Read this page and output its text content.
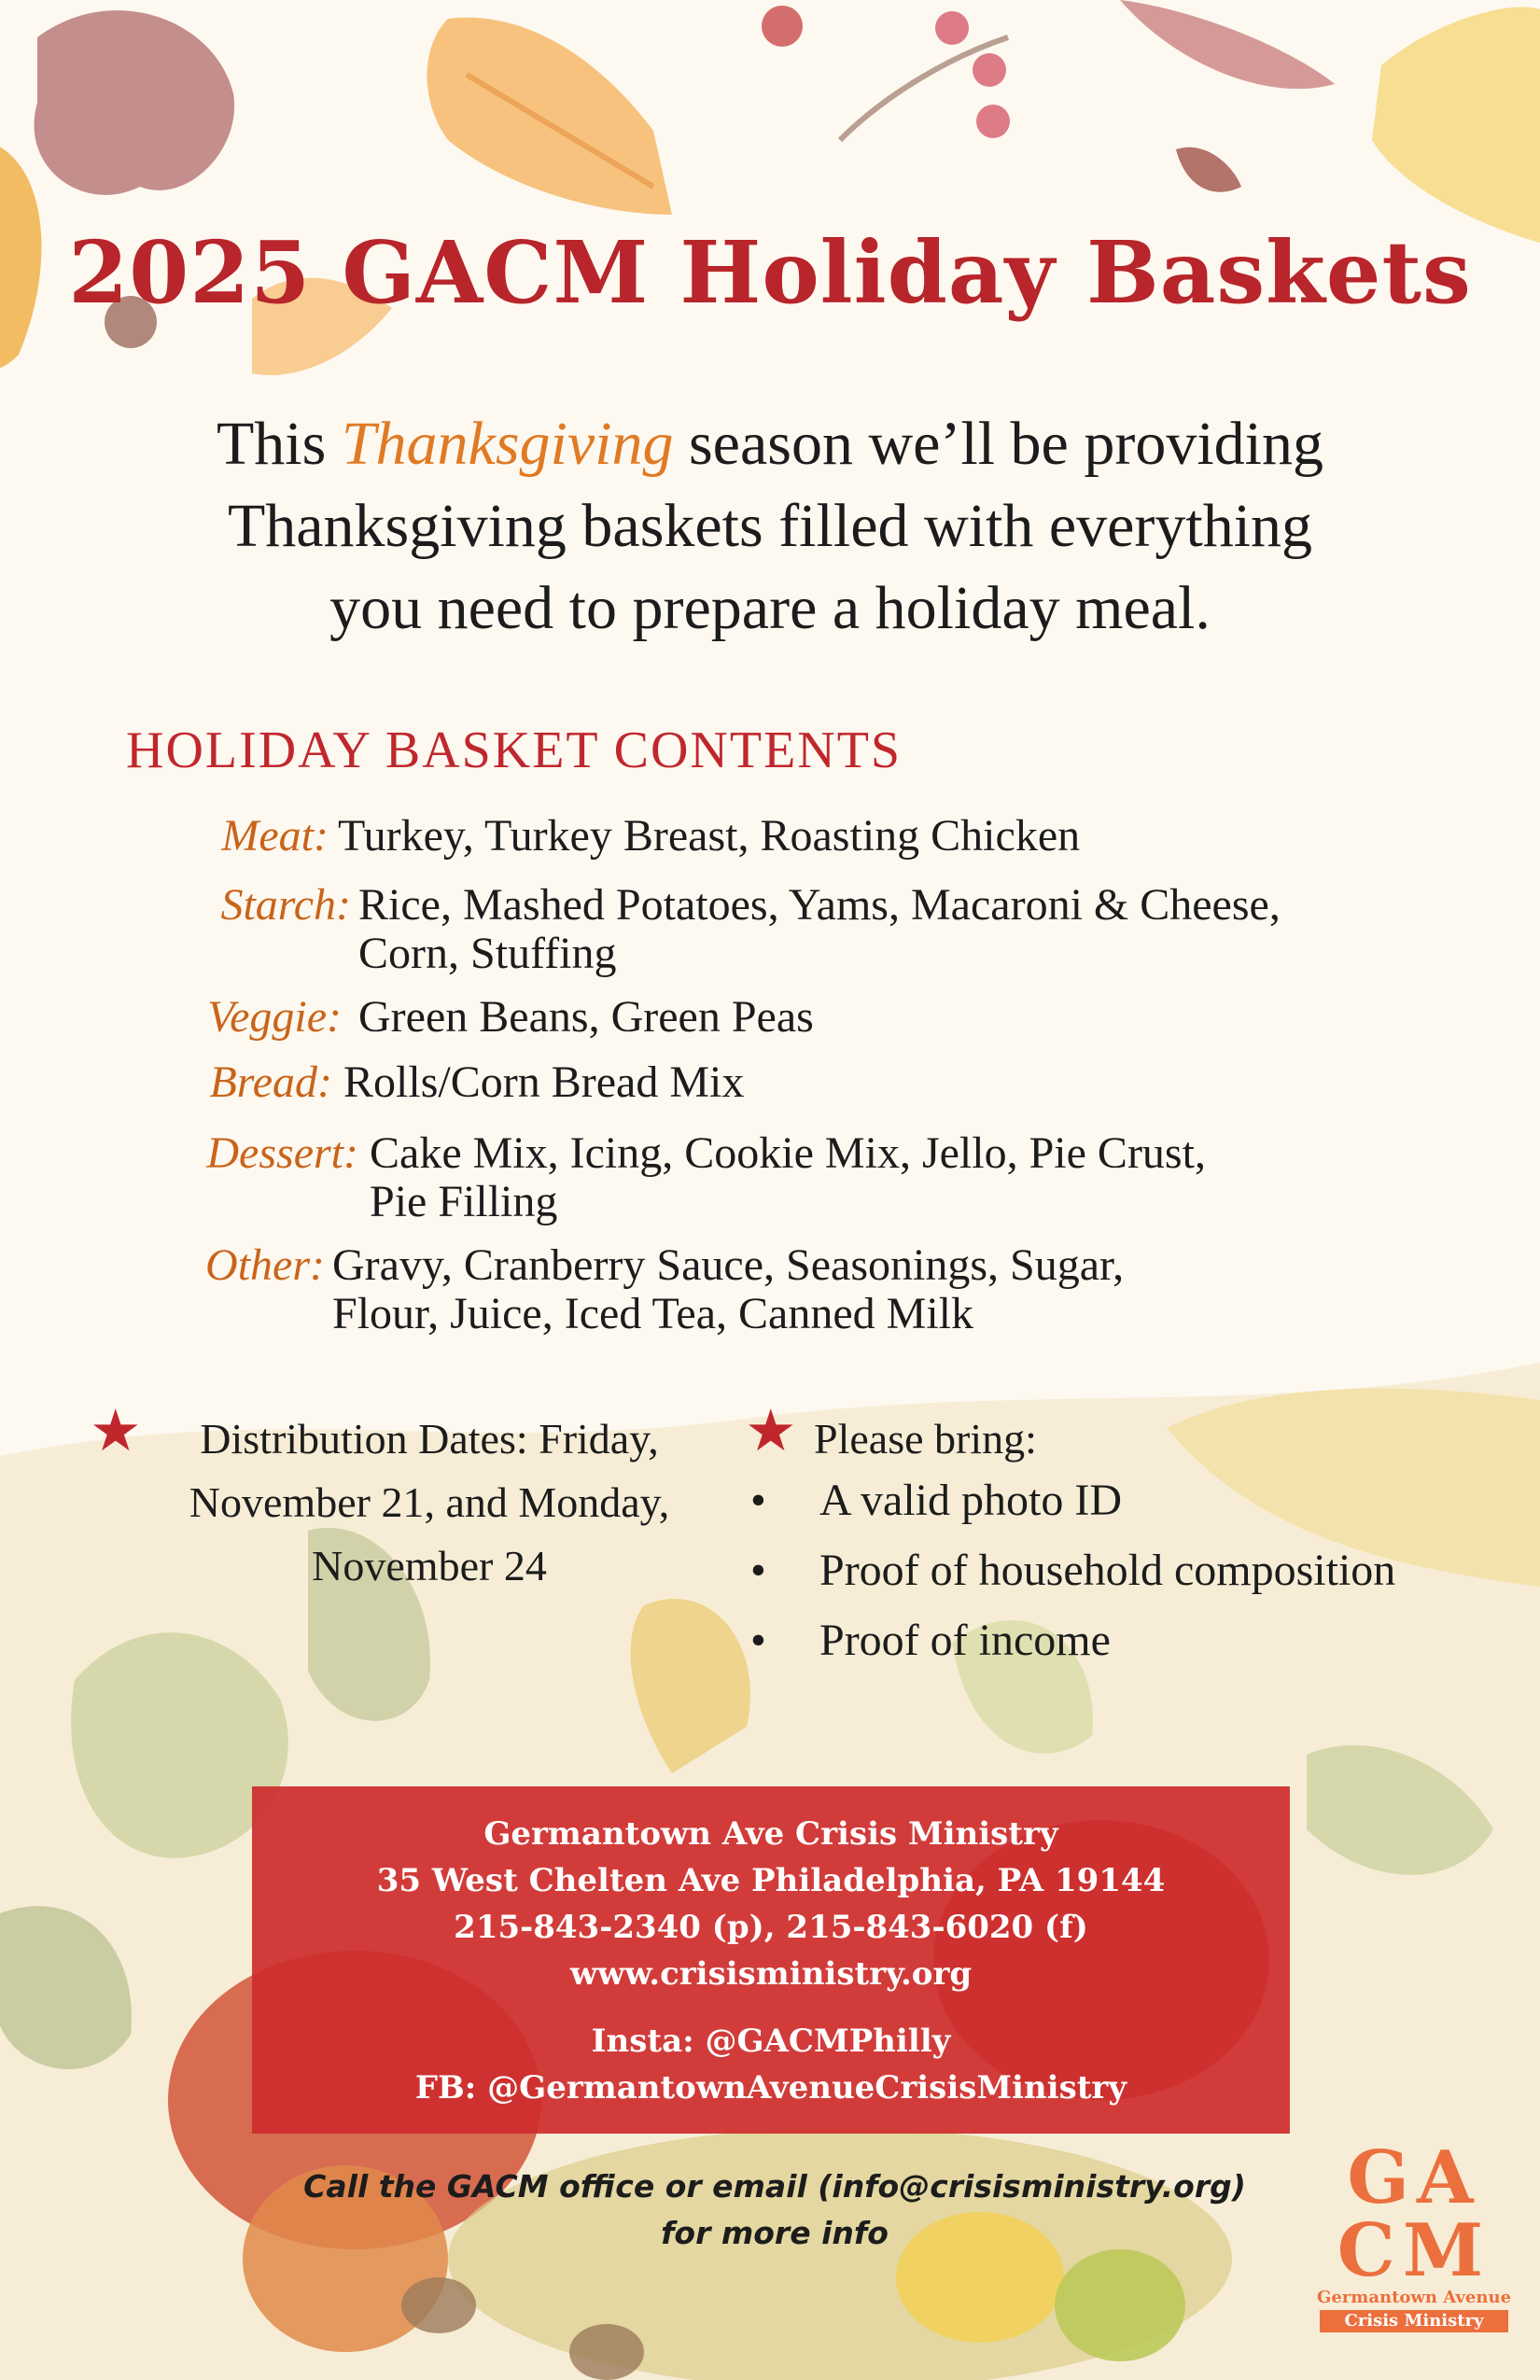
2025 GACM Holiday Baskets
This Thanksgiving season we’ll be providing
Thanksgiving baskets filled with everything
you need to prepare a holiday meal.
HOLIDAY BASKET CONTENTS
Meat: Turkey, Turkey Breast, Roasting Chicken
Starch: Rice, Mashed Potatoes, Yams, Macaroni & Cheese,
Corn, Stuffing
Veggie: Green Beans, Green Peas
Bread: Rolls/Corn Bread Mix
Dessert: Cake Mix, Icing, Cookie Mix, Jello, Pie Crust,
Pie Filling
Other: Gravy, Cranberry Sauce, Seasonings, Sugar,
Flour, Juice, Iced Tea, Canned Milk
★	Distribution Dates: Friday,
November 21, and Monday,
November 24
★ Please bring:
• A valid photo ID
• Proof of household composition
• Proof of income
Germantown Ave Crisis Ministry
35 West Chelten Ave Philadelphia, PA 19144
215-843-2340 (p), 215-843-6020 (f)
www.crisisministry.org
Insta: @GACMPhilly
FB: @GermantownAvenueCrisisMinistry
Call the GACM office or email (info@crisisministry.org)
for more info
GA
CM
Germantown Avenue
Crisis Ministry
